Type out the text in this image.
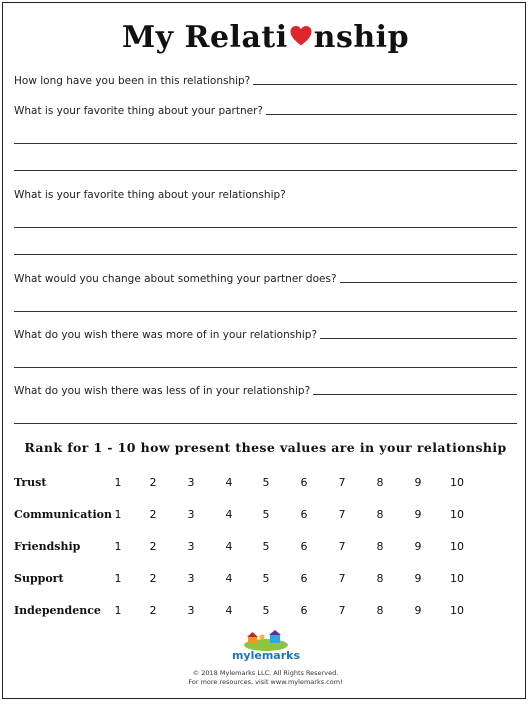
My Relati nship
How long have you been in this relationship?
What is your favorite thing about your partner?
What is your favorite thing about your relationship?
What would you change about something your partner does?
What do you wish there was more of in your relationship?
What do you wish there was less of in your relationship?
Rank for 1 - 10 how present these values are in your relationship
Trust	1	2	3	4	5	6	7	8	9	10
Communication 1	2	3	4	5	6	7	8	9	10
Friendship	1	2	3	4	5	6	7	8	9	10
Support	1	2	3	4	5	6	7	8	9	10
Independence	1	2	3	4	5	6	7	8	9	10
mylemarks
© 2018 Mylemarks LLC. All Rights Reserved.
For more resources, visit www.mylemarks.com!
